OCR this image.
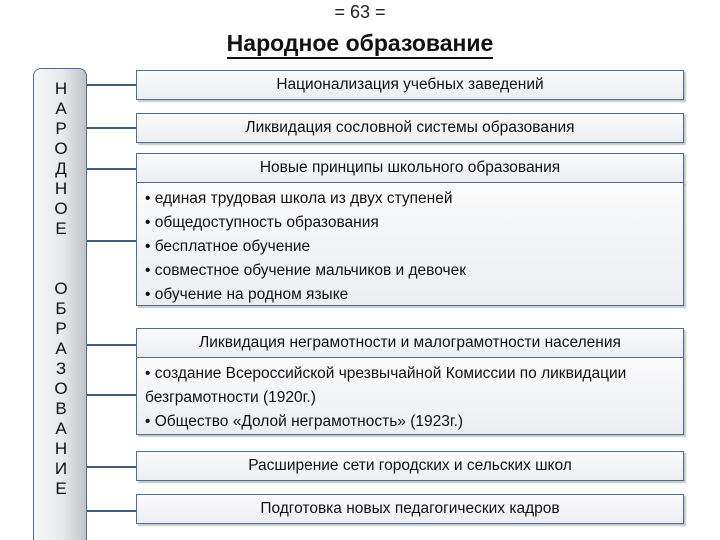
= 63 =
Народное образование
Н
А
Р
О
Д
Н
О
Е
О
Б
Р
А
З
О
В
А
Н
И
Е
Национализация учебных заведений
Ликвидация сословной системы образования
Новые принципы школьного образования
• единая трудовая школа из двух ступеней
• общедоступность образования
• бесплатное обучение
• совместное обучение мальчиков и девочек
• обучение на родном языке
Ликвидация неграмотности и малограмотности населения
• создание Всероссийской чрезвычайной Комиссии по ликвидации безграмотности (1920г.)
• Общество «Долой неграмотность» (1923г.)
Расширение сети городских и сельских школ
Подготовка новых педагогических кадров
